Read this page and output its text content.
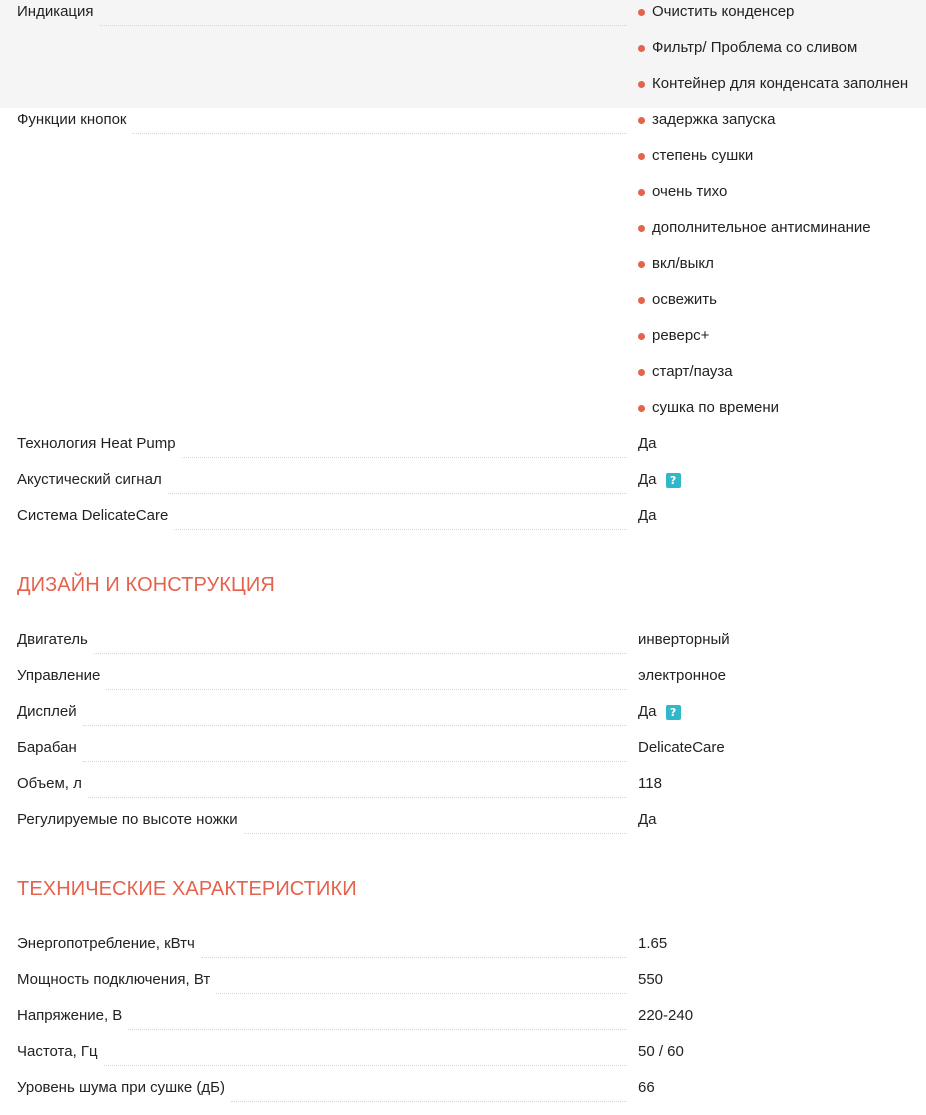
Индикация	Очистить конденсер
Фильтр/ Проблема со сливом
Контейнер для конденсата заполнен
Функции кнопок	задержка запуска
степень сушки
очень тихо
дополнительное антисминание
вкл/выкл
освежить
реверс+
старт/пауза
сушка по времени
Технология Heat Pump	Да
Акустический сигнал	Да	?
Система DelicateCare	Да
ДИЗАЙН И КОНСТРУКЦИЯ
Двигатель	инверторный
Управление	электронное
Дисплей	Да	?
Барабан	DelicateCare
Объем, л	118
Регулируемые по высоте ножки	Да
ТЕХНИЧЕСКИЕ ХАРАКТЕРИСТИКИ
Энергопотребление, кВтч	1.65
Мощность подключения, Вт	550
Напряжение, В	220-240
Частота, Гц	50 / 60
Уровень шума при сушке (дБ)	66
